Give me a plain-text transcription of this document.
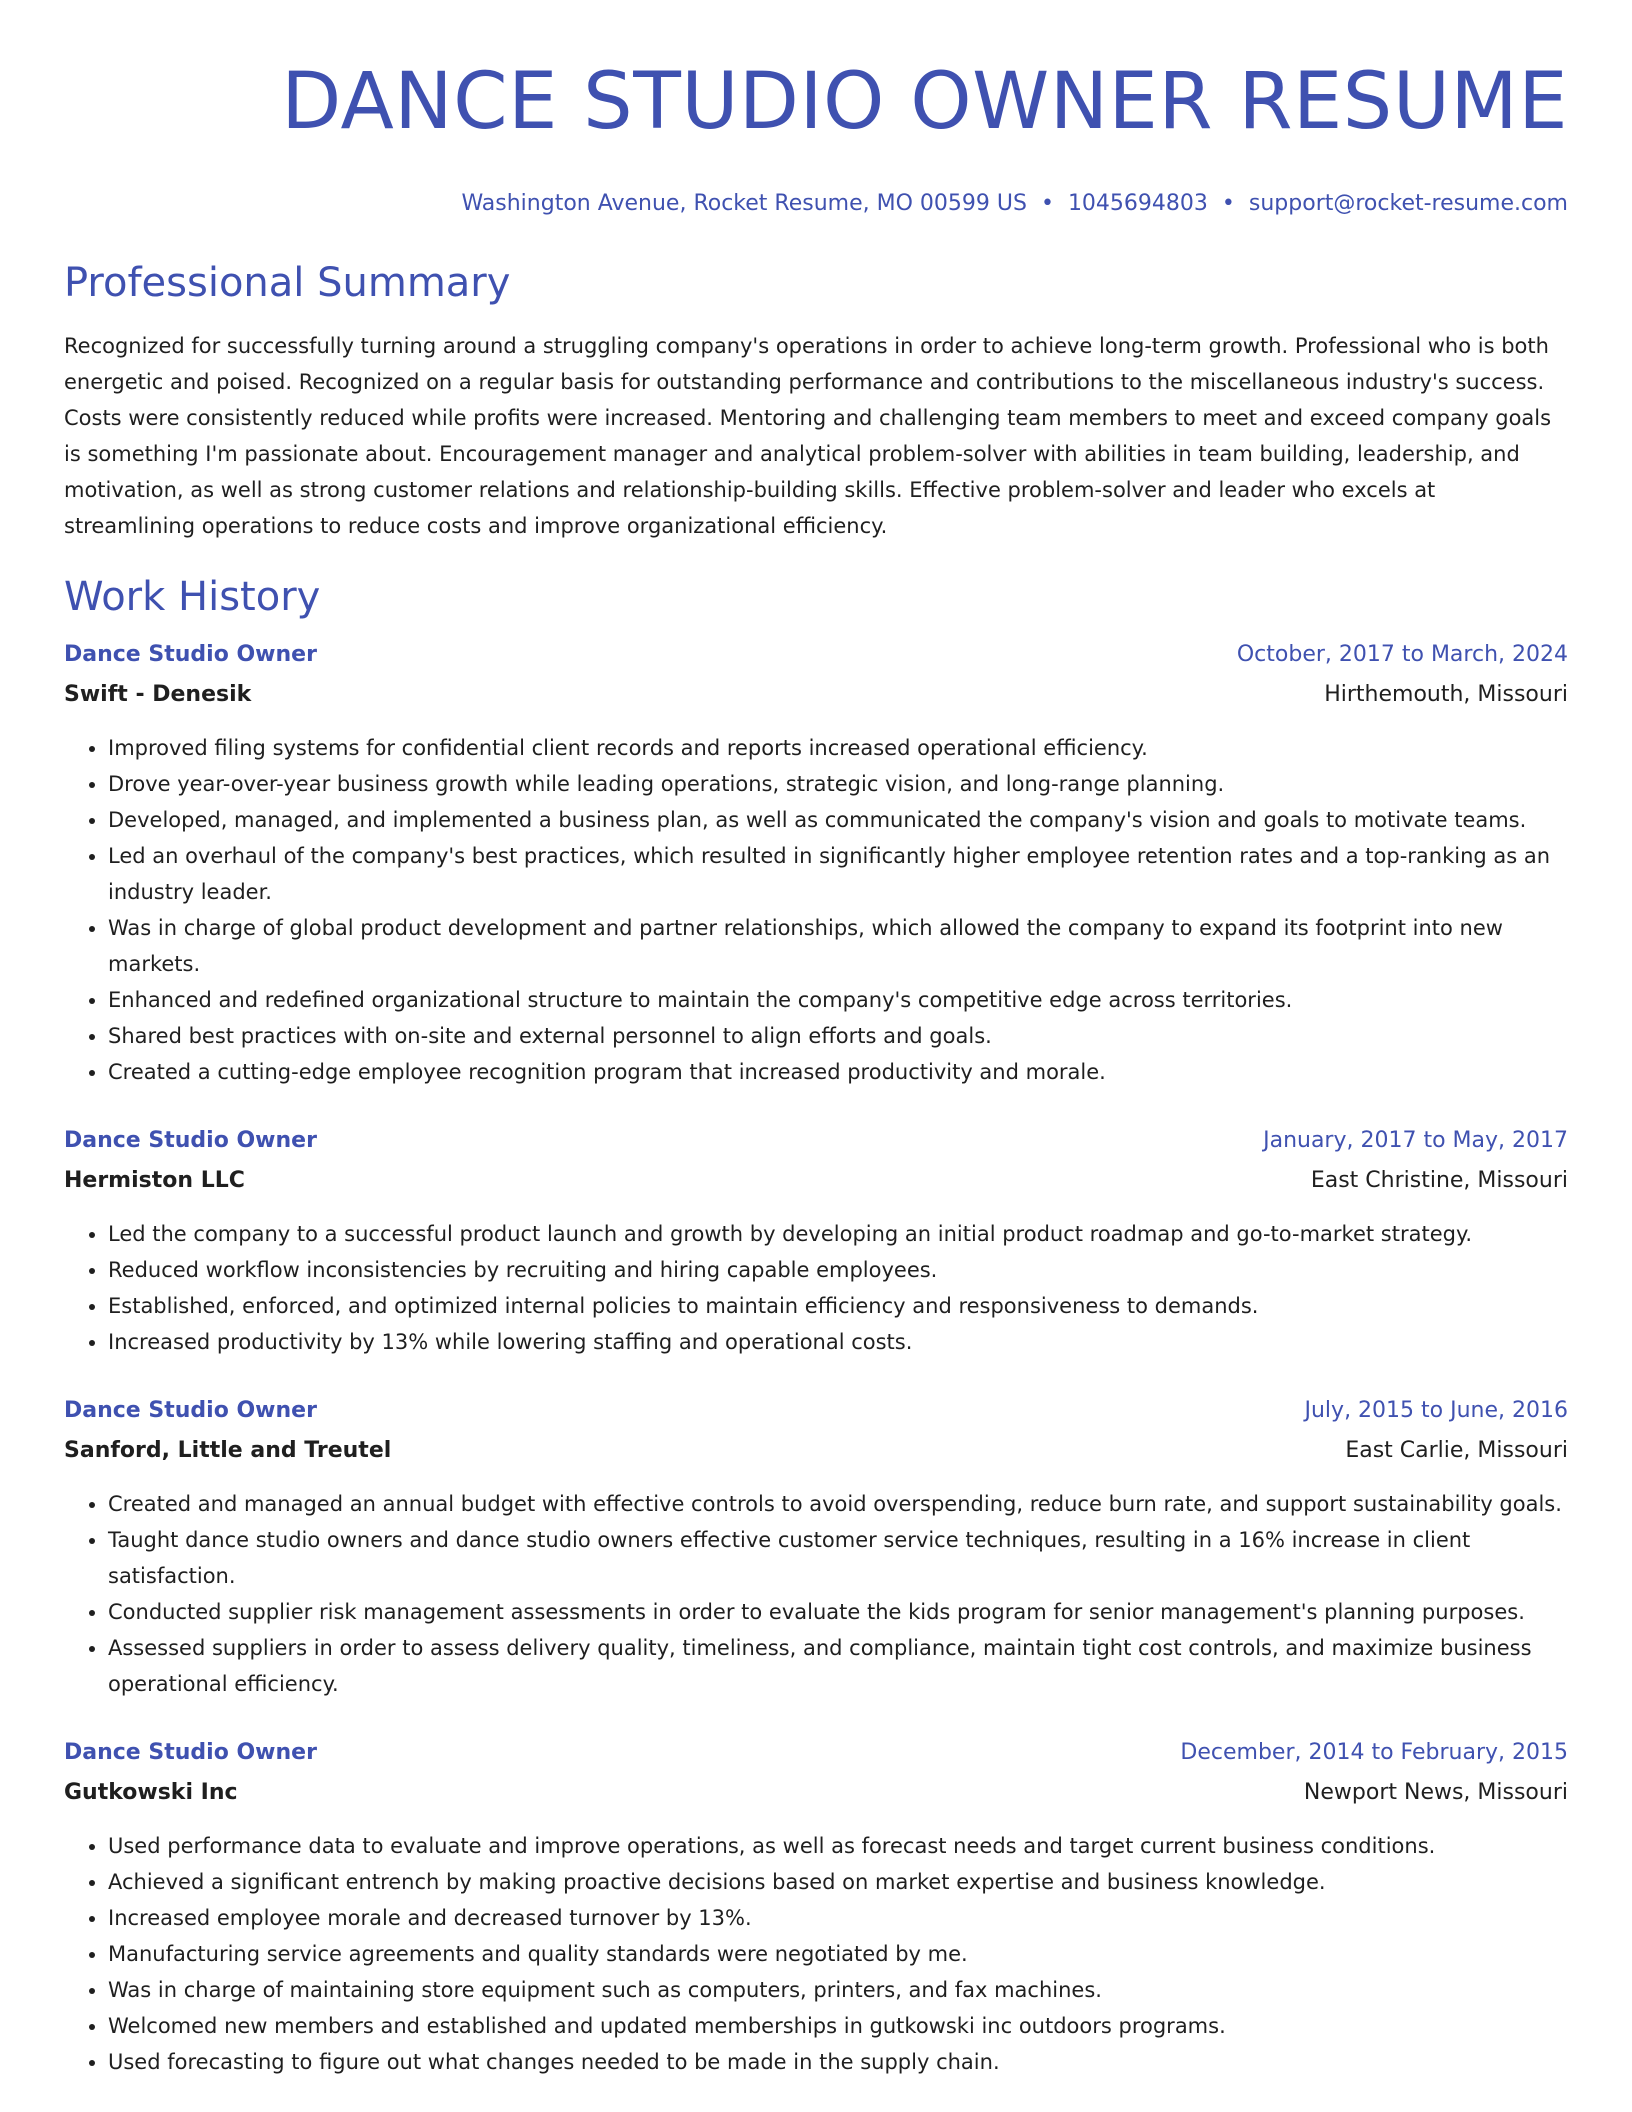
DANCE STUDIO OWNER RESUME
Washington Avenue, Rocket Resume, MO 00599 US • 1045694803 • support@rocket-resume.com
Professional Summary

Recognized for successfully turning around a struggling company's operations in order to achieve long-term growth. Professional who is both energetic and poised. Recognized on a regular basis for outstanding performance and contributions to the miscellaneous industry's success. Costs were consistently reduced while profits were increased. Mentoring and challenging team members to meet and exceed company goals is something I'm passionate about. Encouragement manager and analytical problem-solver with abilities in team building, leadership, and motivation, as well as strong customer relations and relationship-building skills. Effective problem-solver and leader who excels at streamlining operations to reduce costs and improve organizational efficiency.

Work History
Dance Studio Owner	October, 2017 to March, 2024
Swift - Denesik	Hirthemouth, Missouri
• Improved filing systems for confidential client records and reports increased operational efficiency.
• Drove year-over-year business growth while leading operations, strategic vision, and long-range planning.
• Developed, managed, and implemented a business plan, as well as communicated the company's vision and goals to motivate teams.
• Led an overhaul of the company's best practices, which resulted in significantly higher employee retention rates and a top-ranking as an industry leader.
• Was in charge of global product development and partner relationships, which allowed the company to expand its footprint into new markets.
• Enhanced and redefined organizational structure to maintain the company's competitive edge across territories.
• Shared best practices with on-site and external personnel to align efforts and goals.
• Created a cutting-edge employee recognition program that increased productivity and morale.
Dance Studio Owner	January, 2017 to May, 2017
Hermiston LLC	East Christine, Missouri
• Led the company to a successful product launch and growth by developing an initial product roadmap and go-to-market strategy.
• Reduced workflow inconsistencies by recruiting and hiring capable employees.
• Established, enforced, and optimized internal policies to maintain efficiency and responsiveness to demands.
• Increased productivity by 13% while lowering staffing and operational costs.
Dance Studio Owner	July, 2015 to June, 2016
Sanford, Little and Treutel	East Carlie, Missouri
• Created and managed an annual budget with effective controls to avoid overspending, reduce burn rate, and support sustainability goals.
• Taught dance studio owners and dance studio owners effective customer service techniques, resulting in a 16% increase in client satisfaction.
• Conducted supplier risk management assessments in order to evaluate the kids program for senior management's planning purposes.
• Assessed suppliers in order to assess delivery quality, timeliness, and compliance, maintain tight cost controls, and maximize business operational efficiency.
Dance Studio Owner	December, 2014 to February, 2015
Gutkowski Inc	Newport News, Missouri
• Used performance data to evaluate and improve operations, as well as forecast needs and target current business conditions.
• Achieved a significant entrench by making proactive decisions based on market expertise and business knowledge.
• Increased employee morale and decreased turnover by 13%.
• Manufacturing service agreements and quality standards were negotiated by me.
• Was in charge of maintaining store equipment such as computers, printers, and fax machines.
• Welcomed new members and established and updated memberships in gutkowski inc outdoors programs.
• Used forecasting to figure out what changes needed to be made in the supply chain.
